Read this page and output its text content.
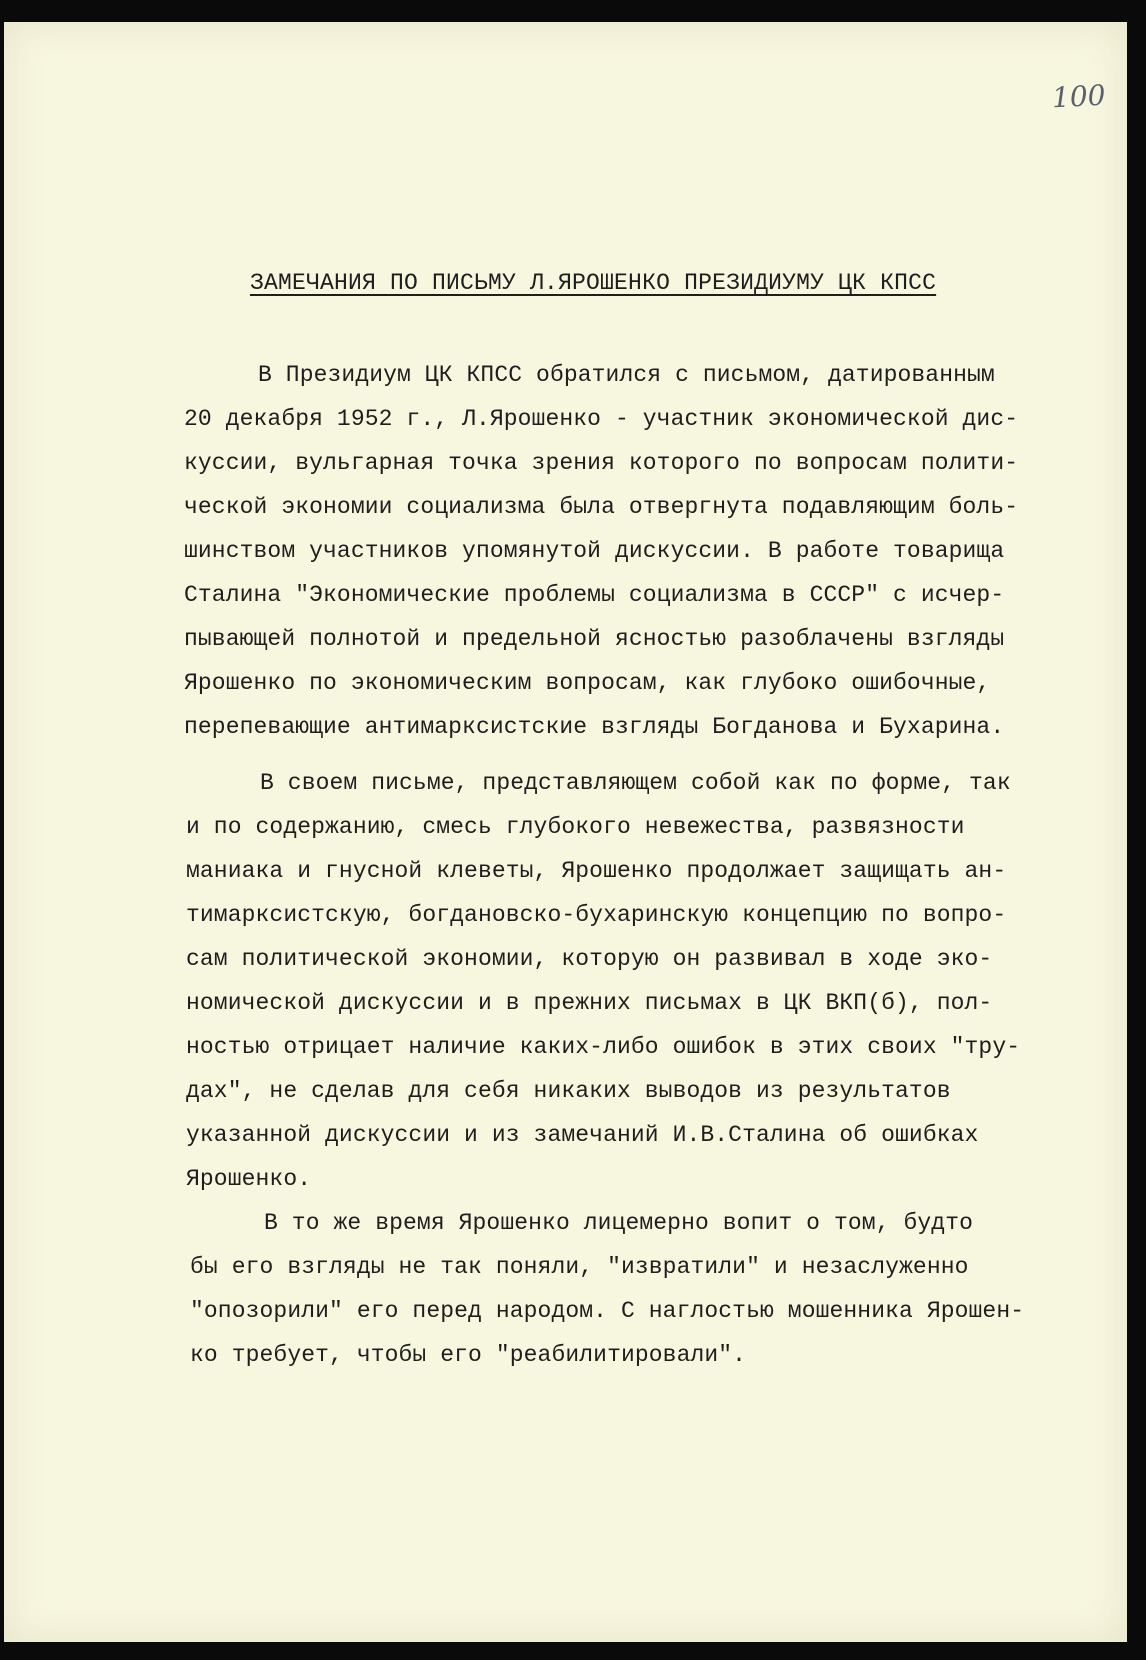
100
ЗАМЕЧАНИЯ ПО ПИСЬМУ Л.ЯРОШЕНКО ПРЕЗИДИУМУ ЦК КПСС
В Президиум ЦК КПСС обратился с письмом, датированным
20 декабря 1952 г., Л.Ярошенко - участник экономической дис-
куссии, вульгарная точка зрения которого по вопросам полити-
ческой экономии социализма была отвергнута подавляющим боль-
шинством участников упомянутой дискуссии. В работе товарища
Сталина "Экономические проблемы социализма в СССР" с исчер-
пывающей полнотой и предельной ясностью разоблачены взгляды
Ярошенко по экономическим вопросам, как глубоко ошибочные,
перепевающие антимарксистские взгляды Богданова и Бухарина.
В своем письме, представляющем собой как по форме, так
и по содержанию, смесь глубокого невежества, развязности
маниака и гнусной клеветы, Ярошенко продолжает защищать ан-
тимарксистскую, богдановско-бухаринскую концепцию по вопро-
сам политической экономии, которую он развивал в ходе эко-
номической дискуссии и в прежних письмах в ЦК ВКП(б), пол-
ностью отрицает наличие каких-либо ошибок в этих своих "тру-
дах", не сделав для себя никаких выводов из результатов
указанной дискуссии и из замечаний И.В.Сталина об ошибках
Ярошенко.
В то же время Ярошенко лицемерно вопит о том, будто
бы его взгляды не так поняли, "извратили" и незаслуженно
"опозорили" его перед народом. С наглостью мошенника Ярошен-
ко требует, чтобы его "реабилитировали".
